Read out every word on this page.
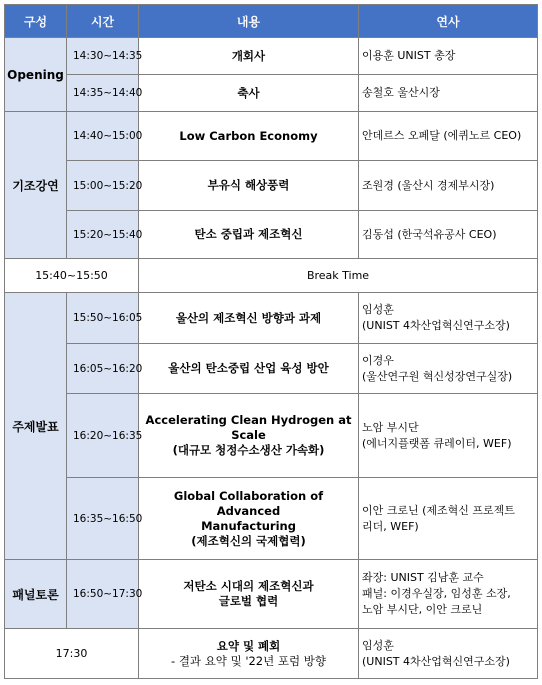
구성	시간	내용	연사
Opening	14:30~14:35	개회사	이용훈 UNIST 총장
	14:35~14:40	축사	송철호 울산시장
기조강연	14:40~15:00	Low Carbon Economy	안데르스 오페달 (에퀴노르 CEO)
	15:00~15:20	부유식 해상풍력	조원경 (울산시 경제부시장)
	15:20~15:40	탄소 중립과 제조혁신	김동섭 (한국석유공사 CEO)
15:40~15:50		Break Time	
주제발표	15:50~16:05	울산의 제조혁신 방향과 과제	임성훈
(UNIST 4차산업혁신연구소장)

	16:05~16:20	울산의 탄소중립 산업 육성 방안	이경우
(울산연구원 혁신성장연구실장)

	16:20~16:35	Accelerating Clean Hydrogen at
Scale
(대규모 청정수소생산 가속화)	노암 부시단
(에너지플랫폼 큐레이터, WEF)

	16:35~16:50	Global Collaboration of Advanced
Manufacturing
(제조혁신의 국제협력)	이안 크로닌 (제조혁신 프로젝트
리더, WEF)

패널토론	16:50~17:30	저탄소 시대의 제조혁신과
글로벌 협력	좌장: UNIST 김남훈 교수
패널: 이경우실장, 임성훈 소장,
노암 부시단, 이안 크로닌

17:30		요약 및 폐회
- 결과 요약 및 '22년 포럼 방향	임성훈
(UNIST 4차산업혁신연구소장)
